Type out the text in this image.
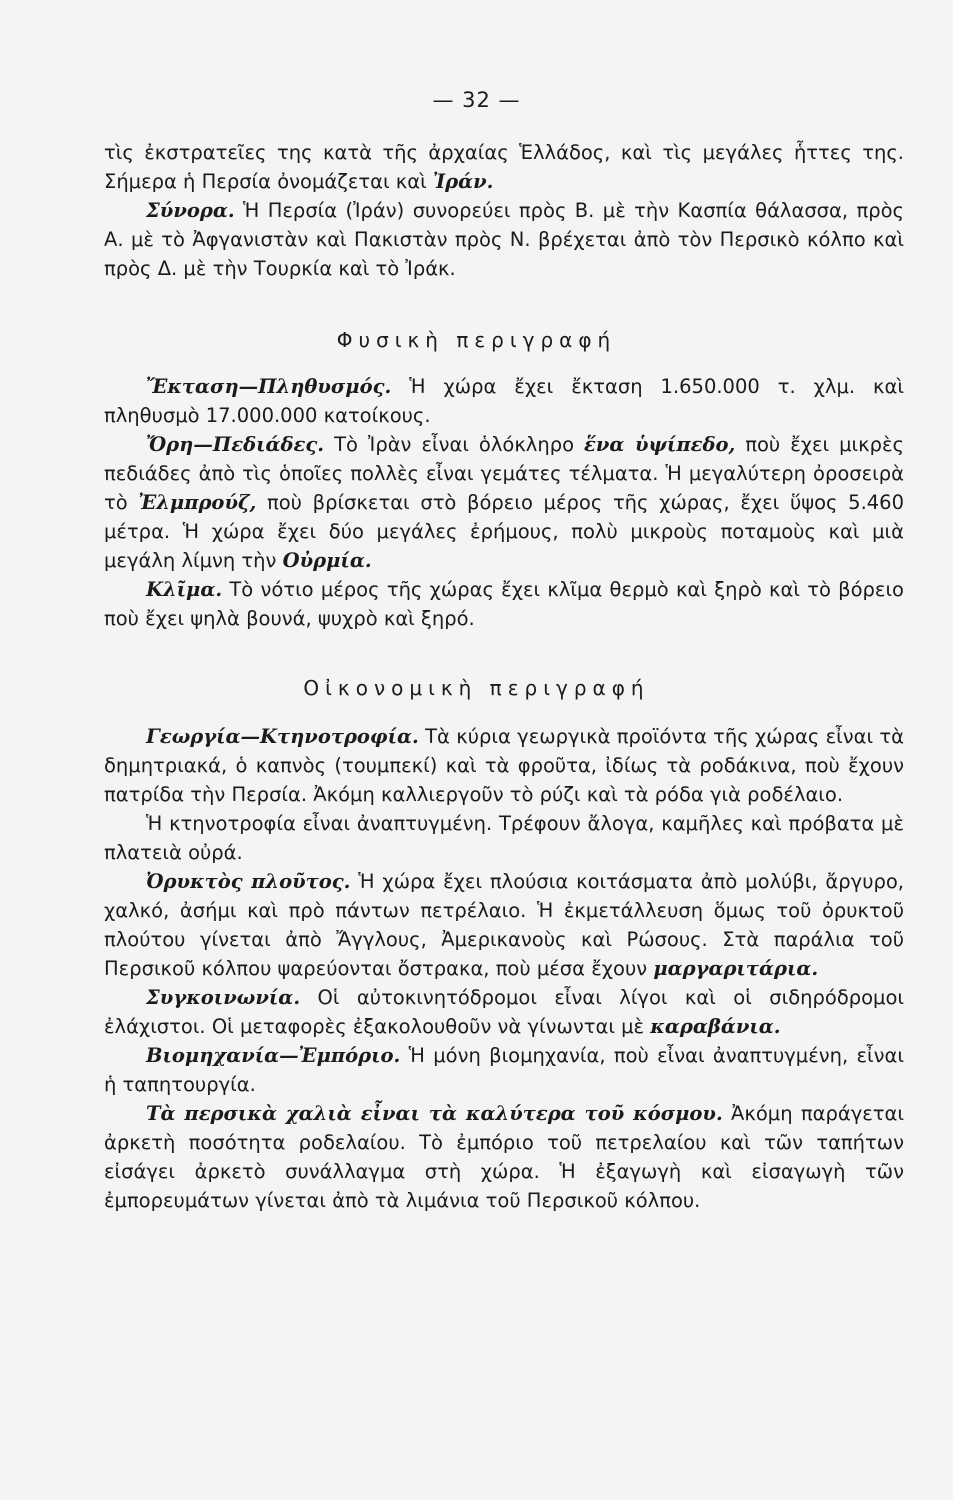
— 32 —

τὶς ἐκστρατεῖες της κατὰ τῆς ἀρχαίας Ἑλλάδος, καὶ τὶς μεγάλες ἧττες της. Σήμερα ἡ Περσία ὀνομάζεται καὶ Ἰράν.

Σύνορα. Ἡ Περσία (Ἰράν) συνορεύει πρὸς Β. μὲ τὴν Κασπία θάλασσα, πρὸς Α. μὲ τὸ Ἀφγανιστὰν καὶ Πακιστὰν πρὸς Ν. βρέχεται ἀπὸ τὸν Περσικὸ κόλπο καὶ πρὸς Δ. μὲ τὴν Τουρκία καὶ τὸ Ἰράκ.

Φυσικὴ περιγραφή

Ἔκταση—Πληθυσμός. Ἡ χώρα ἔχει ἔκταση 1.650.000 τ. χλμ. καὶ πληθυσμὸ 17.000.000 κατοίκους.

Ὄρη—Πεδιάδες. Τὸ Ἰρὰν εἶναι ὁλόκληρο ἕνα ὑψίπεδο, ποὺ ἔχει μικρὲς πεδιάδες ἀπὸ τὶς ὁποῖες πολλὲς εἶναι γεμάτες τέλματα. Ἡ μεγαλύτερη ὀροσειρὰ τὸ Ἐλμπρούζ, ποὺ βρίσκεται στὸ βόρειο μέρος τῆς χώρας, ἔχει ὕψος 5.460 μέτρα. Ἡ χώρα ἔχει δύο μεγάλες ἐρήμους, πολὺ μικροὺς ποταμοὺς καὶ μιὰ μεγάλη λίμνη τὴν Οὐρμία.

Κλῖμα. Τὸ νότιο μέρος τῆς χώρας ἔχει κλῖμα θερμὸ καὶ ξηρὸ καὶ τὸ βόρειο ποὺ ἔχει ψηλὰ βουνά, ψυχρὸ καὶ ξηρό.

Οἰκονομικὴ περιγραφή

Γεωργία—Κτηνοτροφία. Τὰ κύρια γεωργικὰ προϊόντα τῆς χώρας εἶναι τὰ δημητριακά, ὁ καπνὸς (τουμπεκί) καὶ τὰ φροῦτα, ἰδίως τὰ ροδάκινα, ποὺ ἔχουν πατρίδα τὴν Περσία. Ἀκόμη καλλιεργοῦν τὸ ρύζι καὶ τὰ ρόδα γιὰ ροδέλαιο.

Ἡ κτηνοτροφία εἶναι ἀναπτυγμένη. Τρέφουν ἄλογα, καμῆλες καὶ πρόβατα μὲ πλατειὰ οὐρά.

Ὀρυκτὸς πλοῦτος. Ἡ χώρα ἔχει πλούσια κοιτάσματα ἀπὸ μολύβι, ἄργυρο, χαλκό, ἀσήμι καὶ πρὸ πάντων πετρέλαιο. Ἡ ἐκμετάλλευση ὅμως τοῦ ὀρυκτοῦ πλούτου γίνεται ἀπὸ Ἄγγλους, Ἀμερικανοὺς καὶ Ρώσους. Στὰ παράλια τοῦ Περσικοῦ κόλπου ψαρεύονται ὄστρακα, ποὺ μέσα ἔχουν μαργαριτάρια.

Συγκοινωνία. Οἱ αὐτοκινητόδρομοι εἶναι λίγοι καὶ οἱ σιδηρόδρομοι ἐλάχιστοι. Οἱ μεταφορὲς ἐξακολουθοῦν νὰ γίνωνται μὲ καραβάνια.

Βιομηχανία—Ἐμπόριο. Ἡ μόνη βιομηχανία, ποὺ εἶναι ἀναπτυγμένη, εἶναι ἡ ταπητουργία.

Τὰ περσικὰ χαλιὰ εἶναι τὰ καλύτερα τοῦ κόσμου. Ἀκόμη παράγεται ἀρκετὴ ποσότητα ροδελαίου. Τὸ ἐμπόριο τοῦ πετρελαίου καὶ τῶν ταπήτων εἰσάγει ἀρκετὸ συνάλλαγμα στὴ χώρα. Ἡ ἐξαγωγὴ καὶ εἰσαγωγὴ τῶν ἐμπορευμάτων γίνεται ἀπὸ τὰ λιμάνια τοῦ Περσικοῦ κόλπου.
